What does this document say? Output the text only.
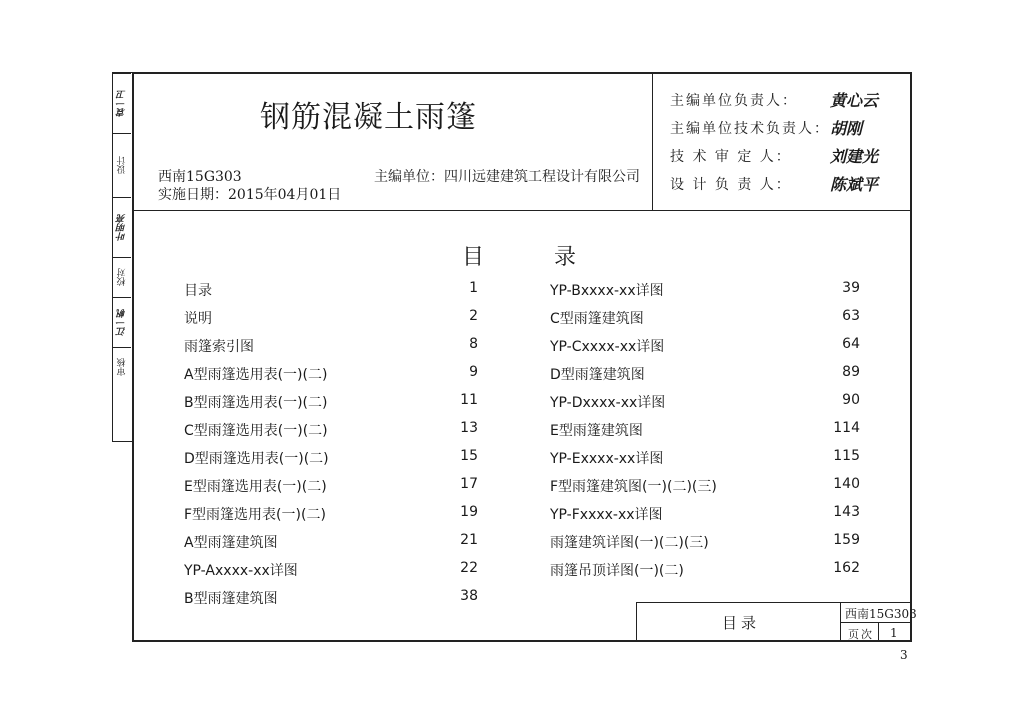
袁一卫
设计
叶明亮
校对
江一帆
审核
钢筋混凝土雨篷
西南15G303
实施日期：2015年04月01日
主编单位：四川远建建筑工程设计有限公司
主编单位负责人： 黄心云
主编单位技术负责人： 胡刚
技 术 审 定 人： 刘建光
设 计 负 责 人： 陈斌平
目	录
目录	1
说明	2
雨篷索引图	8
A型雨篷选用表(一)(二)	9
B型雨篷选用表(一)(二)	11
C型雨篷选用表(一)(二)	13
D型雨篷选用表(一)(二)	15
E型雨篷选用表(一)(二)	17
F型雨篷选用表(一)(二)	19
A型雨篷建筑图	21
YP-Axxxx-xx详图	22
B型雨篷建筑图	38
YP-Bxxxx-xx详图	39
C型雨篷建筑图	63
YP-Cxxxx-xx详图	64
D型雨篷建筑图	89
YP-Dxxxx-xx详图	90
E型雨篷建筑图	114
YP-Exxxx-xx详图	115
F型雨篷建筑图(一)(二)(三)	140
YP-Fxxxx-xx详图	143
雨篷建筑详图(一)(二)(三)	159
雨篷吊顶详图(一)(二)	162
目录	西南15G303
页次 1
3
